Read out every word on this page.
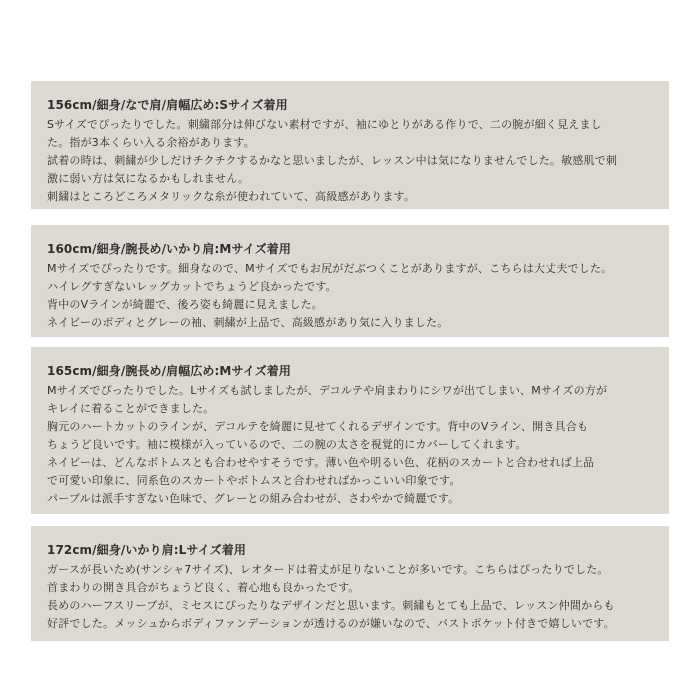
156cm/細身/なで肩/肩幅広め:Sサイズ着用
Sサイズでぴったりでした。刺繍部分は伸びない素材ですが、袖にゆとりがある作りで、二の腕が細く見えまし
た。指が3本くらい入る余裕があります。
試着の時は、刺繍が少しだけチクチクするかなと思いましたが、レッスン中は気になりませんでした。敏感肌で刺
激に弱い方は気になるかもしれません。
刺繍はところどころメタリックな糸が使われていて、高級感があります。
160cm/細身/腕長め/いかり肩:Mサイズ着用
Mサイズでぴったりです。細身なので、Mサイズでもお尻がだぶつくことがありますが、こちらは大丈夫でした。
ハイレグすぎないレッグカットでちょうど良かったです。
背中のVラインが綺麗で、後ろ姿も綺麗に見えました。
ネイビーのボディとグレーの袖、刺繍が上品で、高級感があり気に入りました。
165cm/細身/腕長め/肩幅広め:Mサイズ着用
Mサイズでぴったりでした。Lサイズも試しましたが、デコルテや肩まわりにシワが出てしまい、Mサイズの方が
キレイに着ることができました。
胸元のハートカットのラインが、デコルテを綺麗に見せてくれるデザインです。背中のVライン、開き具合も
ちょうど良いです。袖に模様が入っているので、二の腕の太さを視覚的にカバーしてくれます。
ネイビーは、どんなボトムスとも合わせやすそうです。薄い色や明るい色、花柄のスカートと合わせれば上品
で可愛い印象に、同系色のスカートやボトムスと合わせればかっこいい印象です。
パープルは派手すぎない色味で、グレーとの組み合わせが、さわやかで綺麗です。
172cm/細身/いかり肩:Lサイズ着用
ガースが長いため(サンシャ7サイズ)、レオタードは着丈が足りないことが多いです。こちらはぴったりでした。
首まわりの開き具合がちょうど良く、着心地も良かったです。
長めのハーフスリーブが、ミセスにぴったりなデザインだと思います。刺繍もとても上品で、レッスン仲間からも
好評でした。メッシュからボディファンデーションが透けるのが嫌いなので、バストポケット付きで嬉しいです。
